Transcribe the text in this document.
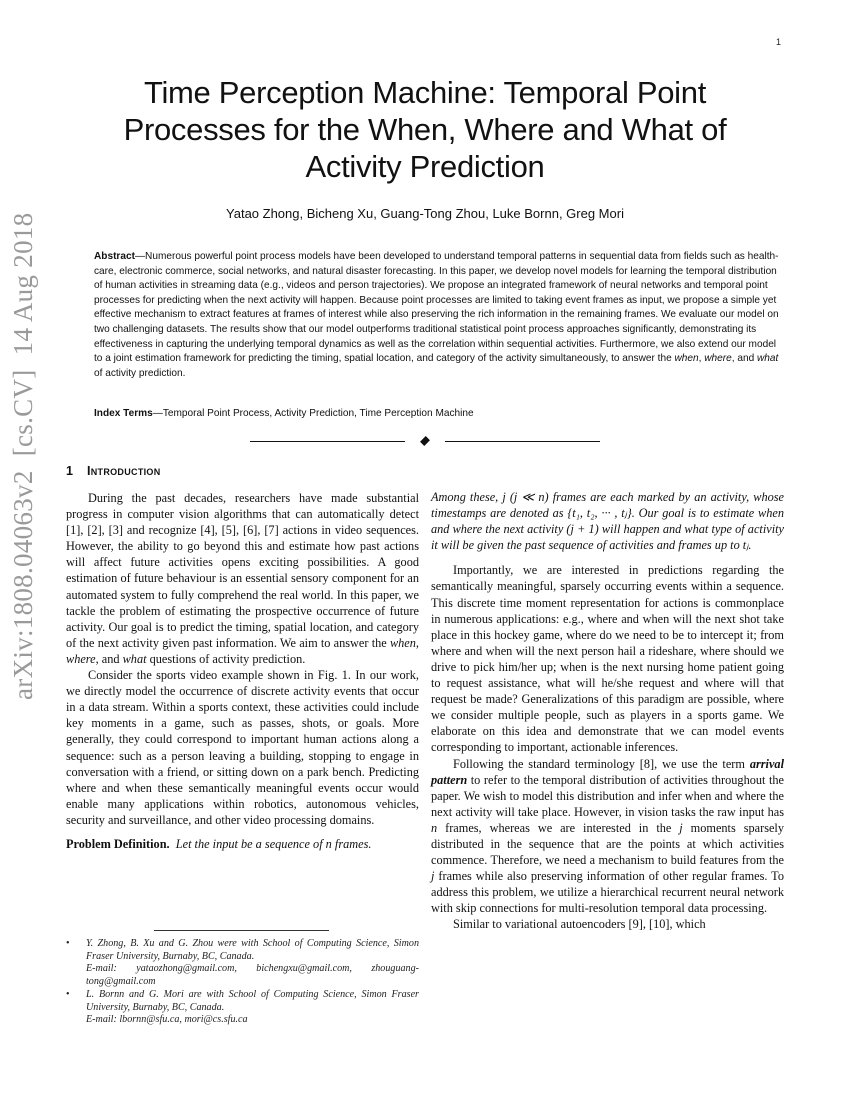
1
arXiv:1808.04063v2  [cs.CV]  14 Aug 2018
Time Perception Machine: Temporal Point
Processes for the When, Where and What of
Activity Prediction
Yatao Zhong, Bicheng Xu, Guang-Tong Zhou, Luke Bornn, Greg Mori
Abstract—Numerous powerful point process models have been developed to understand temporal patterns in sequential data from fields such as health-care, electronic commerce, social networks, and natural disaster forecasting. In this paper, we develop novel models for learning the temporal distribution of human activities in streaming data (e.g., videos and person trajectories). We propose an integrated framework of neural networks and temporal point processes for predicting when the next activity will happen. Because point processes are limited to taking event frames as input, we propose a simple yet effective mechanism to extract features at frames of interest while also preserving the rich information in the remaining frames. We evaluate our model on two challenging datasets. The results show that our model outperforms traditional statistical point process approaches significantly, demonstrating its effectiveness in capturing the underlying temporal dynamics as well as the correlation within sequential activities. Furthermore, we also extend our model to a joint estimation framework for predicting the timing, spatial location, and category of the activity simultaneously, to answer the when, where, and what of activity prediction.
Index Terms—Temporal Point Process, Activity Prediction, Time Perception Machine
1 Introduction

During the past decades, researchers have made substantial progress in computer vision algorithms that can automatically detect [1], [2], [3] and recognize [4], [5], [6], [7] actions in video sequences. However, the ability to go beyond this and estimate how past actions will affect future activities opens exciting possibilities. A good estimation of future behaviour is an essential sensory component for an automated system to fully comprehend the real world. In this paper, we tackle the problem of estimating the prospective occurrence of future activity. Our goal is to predict the timing, spatial location, and category of the next activity given past information. We aim to answer the when, where, and what questions of activity prediction.

Consider the sports video example shown in Fig. 1. In our work, we directly model the occurrence of discrete activity events that occur in a data stream. Within a sports context, these activities could include key moments in a game, such as passes, shots, or goals. More generally, they could correspond to important human actions along a sequence: such as a person leaving a building, stopping to engage in conversation with a friend, or sitting down on a park bench. Predicting where and when these semantically meaningful events occur would enable many applications within robotics, autonomous vehicles, security and surveillance, and other video processing domains.

Problem Definition. Let the input be a sequence of n frames.

• Y. Zhong, B. Xu and G. Zhou were with School of Computing Science, Simon Fraser University, Burnaby, BC, Canada.
E-mail: yataozhong@gmail.com, bichengxu@gmail.com, zhouguang-tong@gmail.com
• L. Bornn and G. Mori are with School of Computing Science, Simon Fraser University, Burnaby, BC, Canada.
E-mail: lbornn@sfu.ca, mori@cs.sfu.ca

Among these, j (j ≪ n) frames are each marked by an activity, whose timestamps are denoted as {t₁, t₂, ··· , tⱼ}. Our goal is to estimate when and where the next activity (j + 1) will happen and what type of activity it will be given the past sequence of activities and frames up to tⱼ.

Importantly, we are interested in predictions regarding the semantically meaningful, sparsely occurring events within a sequence. This discrete time moment representation for actions is commonplace in numerous applications: e.g., where and when will the next shot take place in this hockey game, where do we need to be to intercept it; from where and when will the next person hail a rideshare, where should we drive to pick him/her up; when is the next nursing home patient going to request assistance, what will he/she request and where will that request be made? Generalizations of this paradigm are possible, where we consider multiple people, such as players in a sports game. We elaborate on this idea and demonstrate that we can model events corresponding to important, actionable inferences.

Following the standard terminology [8], we use the term arrival pattern to refer to the temporal distribution of activities throughout the paper. We wish to model this distribution and infer when and where the next activity will take place. However, in vision tasks the raw input has n frames, whereas we are interested in the j moments sparsely distributed in the sequence that are the points at which activities commence. Therefore, we need a mechanism to build features from the j frames while also preserving information of other regular frames. To address this problem, we utilize a hierarchical recurrent neural network with skip connections for multi-resolution temporal data processing.

Similar to variational autoencoders [9], [10], which
